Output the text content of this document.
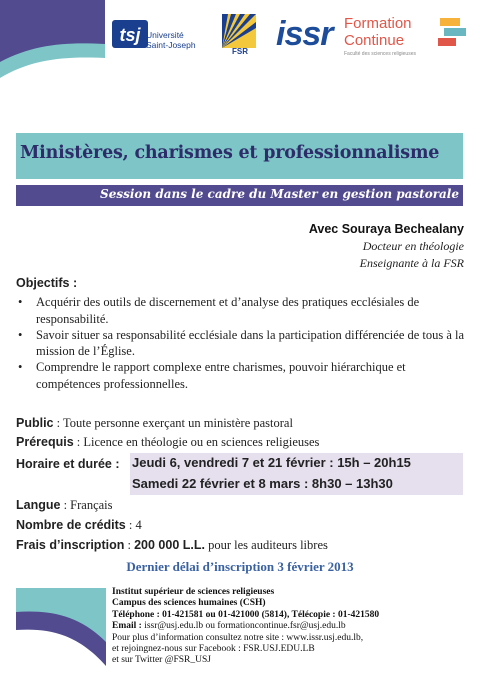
tsj Université
Saint-Joseph
FSR issr Formation
Continue
Faculté des sciences religieuses
Ministères, charismes et professionnalisme
Session dans le cadre du Master en gestion pastorale
Avec Souraya Bechealany
Docteur en théologie
Enseignante à la FSR
Objectifs :
• Acquérir des outils de discernement et d’analyse des pratiques ecclésiales de responsabilité.
• Savoir situer sa responsabilité ecclésiale dans la participation différenciée de tous à la mission de l’Église.
• Comprendre le rapport complexe entre charismes, pouvoir hiérarchique et compétences professionnelles.
Public : Toute personne exerçant un ministère pastoral
Prérequis : Licence en théologie ou en sciences religieuses
Horaire et durée : Jeudi 6, vendredi 7 et 21 février : 15h – 20h15
Samedi 22 février et 8 mars : 8h30 – 13h30
Langue : Français
Nombre de crédits : 4
Frais d’inscription : 200 000 L.L. pour les auditeurs libres
Dernier délai d’inscription 3 février 2013
Institut supérieur de sciences religieuses
Campus des sciences humaines (CSH)
Téléphone : 01-421581 ou 01-421000 (5814), Télécopie : 01-421580
Email : issr@usj.edu.lb ou formationcontinue.fsr@usj.edu.lb
Pour plus d’information consultez notre site : www.issr.usj.edu.lb,
et rejoingnez-nous sur Facebook : FSR.USJ.EDU.LB
et sur Twitter @FSR_USJ
